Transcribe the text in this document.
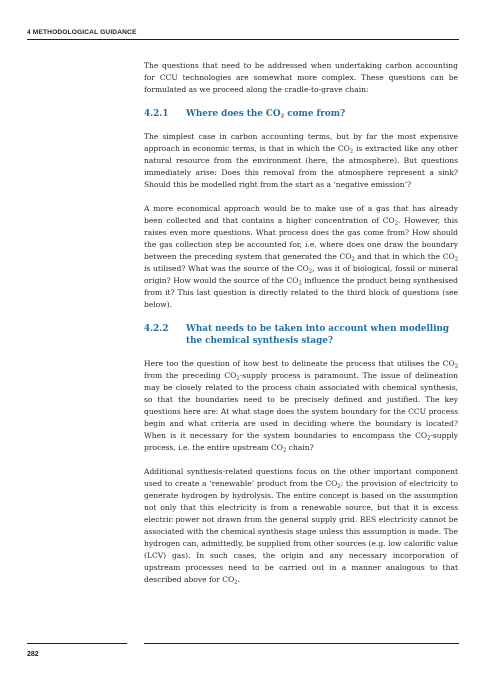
4 METHODOLOGICAL GUIDANCE

The questions that need to be addressed when undertaking carbon accounting for CCU technologies are somewhat more complex. These questions can be formulated as we proceed along the cradle-to-grave chain:

4.2.1	Where does the $CO_2$ come from?

The simplest case in carbon accounting terms, but by far the most expensive approach in economic terms, is that in which the $CO_2$ is extracted like any other natural resource from the environment (here, the atmosphere). But questions immediately arise: Does this removal from the atmosphere represent a sink? Should this be modelled right from the start as a ‘negative emission’?

A more economical approach would be to make use of a gas that has already been collected and that contains a higher concentration of $CO_2$. However, this raises even more questions. What process does the gas come from? How should the gas collection step be accounted for, i.e. where does one draw the boundary between the preceding system that generated the $CO_2$ and that in which the $CO_2$ is utilised? What was the source of the $CO_2$, was it of biological, fossil or mineral origin? How would the source of the $CO_2$ influence the product being synthesised from it? This last question is directly related to the third block of questions (see below).

4.2.2	What needs to be taken into account when modelling the chemical synthesis stage?

Here too the question of how best to delineate the process that utilises the $CO_2$ from the preceding $CO_2$-supply process is paramount. The issue of delineation may be closely related to the process chain associated with chemical synthesis, so that the boundaries need to be precisely defined and justified. The key questions here are: At what stage does the system boundary for the CCU process begin and what criteria are used in deciding where the boundary is located? When is it necessary for the system boundaries to encompass the $CO_2$-supply process, i.e. the entire upstream $CO_2$ chain?

Additional synthesis-related questions focus on the other important component used to create a ‘renewable’ product from the $CO_2$: the provision of electricity to generate hydrogen by hydrolysis. The entire concept is based on the assumption not only that this electricity is from a renewable source, but that it is excess electric power not drawn from the general supply grid. RES electricity cannot be associated with the chemical synthesis stage unless this assumption is made. The hydrogen can, admittedly, be supplied from other sources (e.g. low calorific value (LCV) gas). In such cases, the origin and any necessary incorporation of upstream processes need to be carried out in a manner analogous to that described above for $CO_2$.

282
